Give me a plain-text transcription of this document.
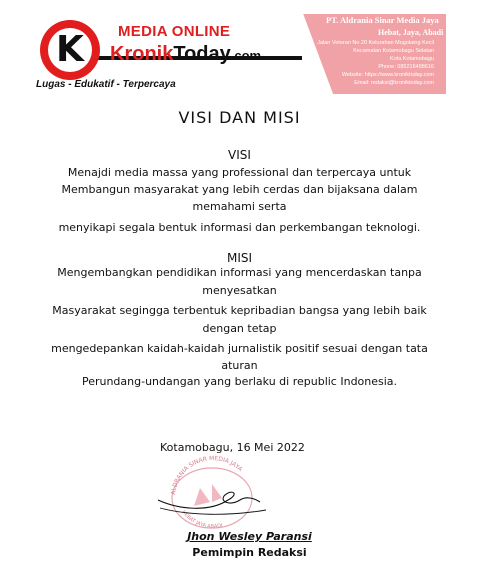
K	MEDIA ONLINE
KronikToday.com
Lugas - Edukatif - Terpercaya
PT. Aldrania Sinar Media Jaya
Hebat, Jaya, Abadi
Jalan Veteran No 20 Kelurahan Mogolaing Kecil
Kecamatan Kotamobagu Selatan
Kota Kotamobagu
Phone: 085216488616
Website: https://www.kroniktoday.com
Email: redaksi@kroniktoday.com
VISI DAN MISI
VISI
Menajdi media massa yang professional dan terpercaya untuk
Membangun masyarakat yang lebih cerdas dan bijaksana dalam
memahami serta
menyikapi segala bentuk informasi dan perkembangan teknologi.
MISI
Mengembangkan pendidikan informasi yang mencerdaskan tanpa
menyesatkan
Masyarakat segingga terbentuk kepribadian bangsa yang lebih baik
dengan tetap
mengedepankan kaidah-kaidah jurnalistik positif sesuai dengan tata
aturan
Perundang-undangan yang berlaku di republic Indonesia.
Kotamobagu, 16 Mei 2022
ALDRANIA SINAR MEDIA JAYA
HEBAT JAYA ABADI
Jhon Wesley Paransi
Pemimpin Redaksi
